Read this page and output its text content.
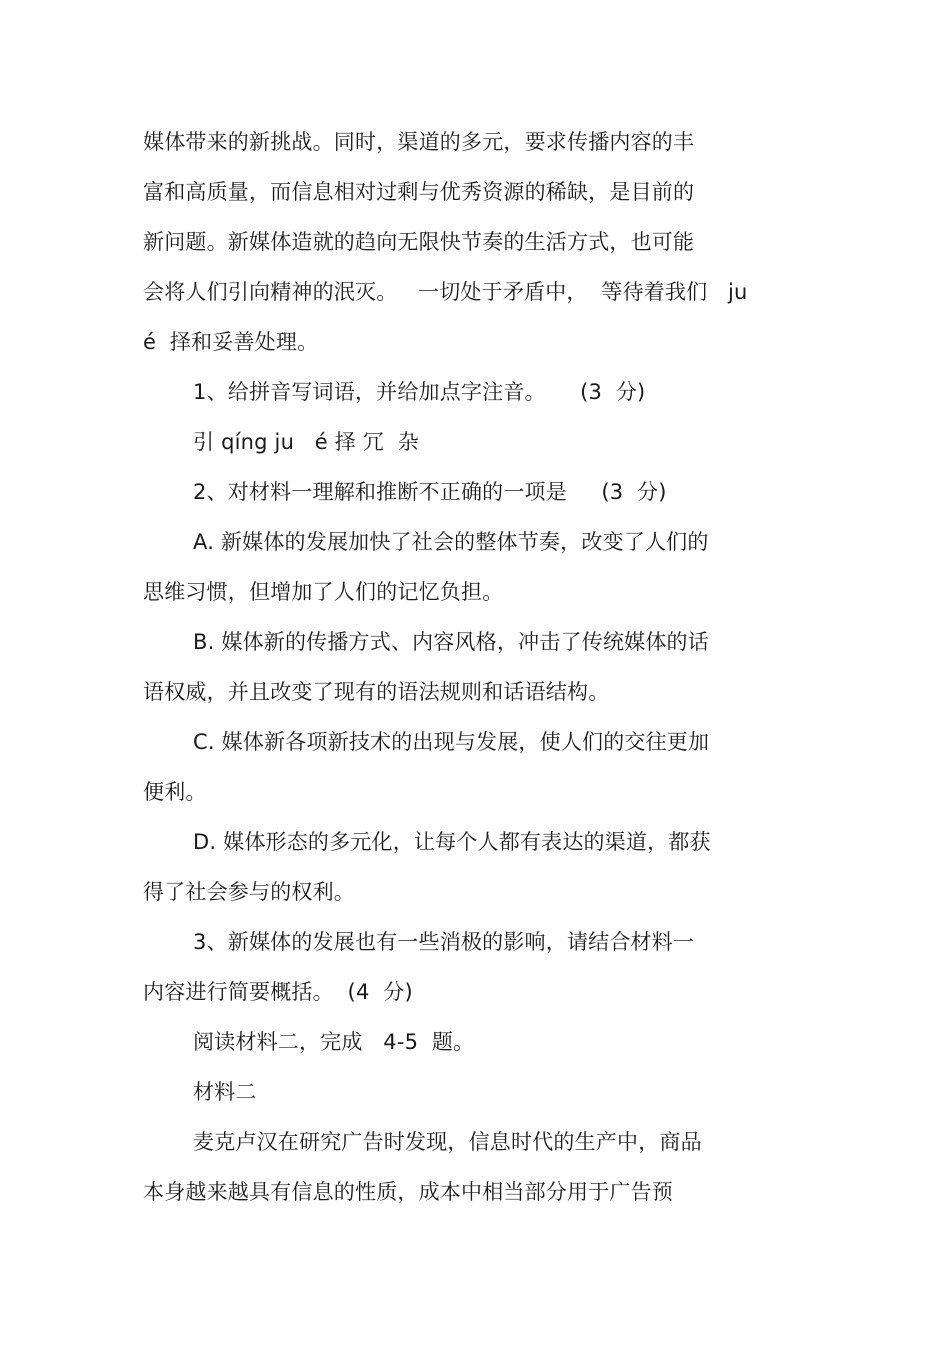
媒体带来的新挑战。同时，渠道的多元，要求传播内容的丰
富和高质量，而信息相对过剩与优秀资源的稀缺，是目前的
新问题。新媒体造就的趋向无限快节奏的生活方式，也可能
会将人们引向精神的泯灭。   一切处于矛盾中，  等待着我们   ju
é  择和妥善处理。
1、给拼音写词语，并给加点字注音。     (3  分)
引 qíng ju   é 择 冗  杂
2、对材料一理解和推断不正确的一项是     (3  分)
A. 新媒体的发展加快了社会的整体节奏，改变了人们的
思维习惯，但增加了人们的记忆负担。
B. 媒体新的传播方式、内容风格，冲击了传统媒体的话
语权威，并且改变了现有的语法规则和话语结构。
C. 媒体新各项新技术的出现与发展，使人们的交往更加
便利。
D. 媒体形态的多元化，让每个人都有表达的渠道，都获
得了社会参与的权利。
3、新媒体的发展也有一些消极的影响，请结合材料一
内容进行简要概括。  (4  分)
阅读材料二，完成   4-5  题。
材料二
麦克卢汉在研究广告时发现，信息时代的生产中，商品
本身越来越具有信息的性质，成本中相当部分用于广告预
